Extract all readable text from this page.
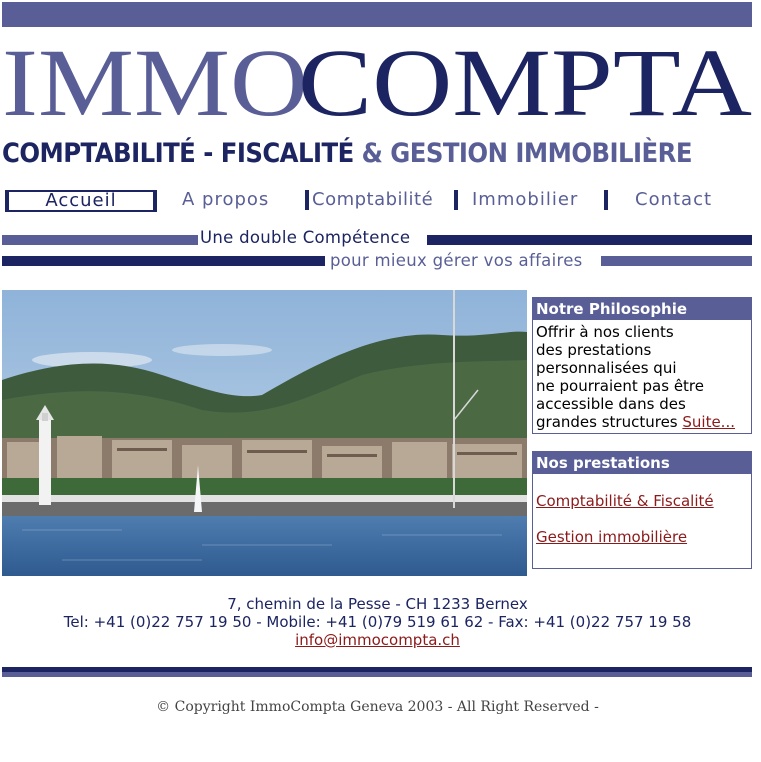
IMMO
COMPTA
COMPTABILITÉ - FISCALITÉ & GESTION IMMOBILIÈRE
Accueil	A propos Comptabilité Immobilier	Contact
Une double Compétence
pour mieux gérer vos affaires
Notre Philosophie
Offrir à nos clients
des prestations
personnalisées qui
ne pourraient pas être
accessible dans des
grandes structures Suite...
Nos prestations
Comptabilité & Fiscalité
Gestion immobilière
7, chemin de la Pesse - CH 1233 Bernex
Tel: +41 (0)22 757 19 50 - Mobile: +41 (0)79 519 61 62 - Fax: +41 (0)22 757 19 58
info@immocompta.ch
© Copyright ImmoCompta Geneva 2003 - All Right Reserved -
